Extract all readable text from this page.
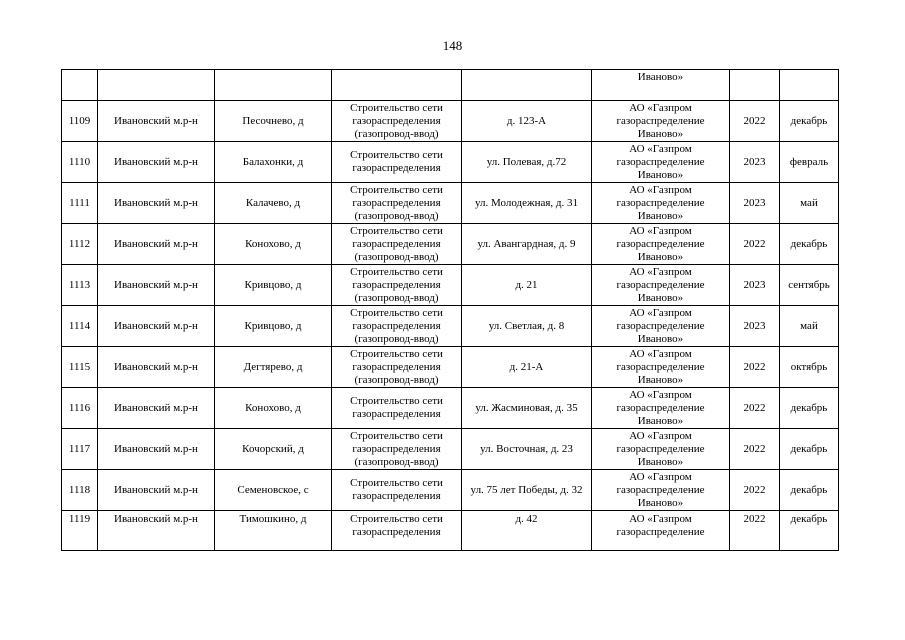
148
					Иваново»		
1109	Ивановский м.р-н	Песочнево, д	Строительство сети газораспределения (газопровод-ввод)	д. 123-А	АО «Газпром газораспределение Иваново»	2022	декабрь
1110	Ивановский м.р-н	Балахонки, д	Строительство сети газораспределения	ул. Полевая, д.72	АО «Газпром газораспределение Иваново»	2023	февраль
1111	Ивановский м.р-н	Калачево, д	Строительство сети газораспределения (газопровод-ввод)	ул. Молодежная, д. 31	АО «Газпром газораспределение Иваново»	2023	май
1112	Ивановский м.р-н	Конохово, д	Строительство сети газораспределения (газопровод-ввод)	ул. Авангардная, д. 9	АО «Газпром газораспределение Иваново»	2022	декабрь
1113	Ивановский м.р-н	Кривцово, д	Строительство сети газораспределения (газопровод-ввод)	д. 21	АО «Газпром газораспределение Иваново»	2023	сентябрь
1114	Ивановский м.р-н	Кривцово, д	Строительство сети газораспределения (газопровод-ввод)	ул. Светлая, д. 8	АО «Газпром газораспределение Иваново»	2023	май
1115	Ивановский м.р-н	Дегтярево, д	Строительство сети газораспределения (газопровод-ввод)	д. 21-А	АО «Газпром газораспределение Иваново»	2022	октябрь
1116	Ивановский м.р-н	Конохово, д	Строительство сети газораспределения	ул. Жасминовая, д. 35	АО «Газпром газораспределение Иваново»	2022	декабрь
1117	Ивановский м.р-н	Кочорский, д	Строительство сети газораспределения (газопровод-ввод)	ул. Восточная, д. 23	АО «Газпром газораспределение Иваново»	2022	декабрь
1118	Ивановский м.р-н	Семеновское, с	Строительство сети газораспределения	ул. 75 лет Победы, д. 32	АО «Газпром газораспределение Иваново»	2022	декабрь
1119	Ивановский м.р-н	Тимошкино, д	Строительство сети газораспределения	д. 42	АО «Газпром газораспределение	2022	декабрь
